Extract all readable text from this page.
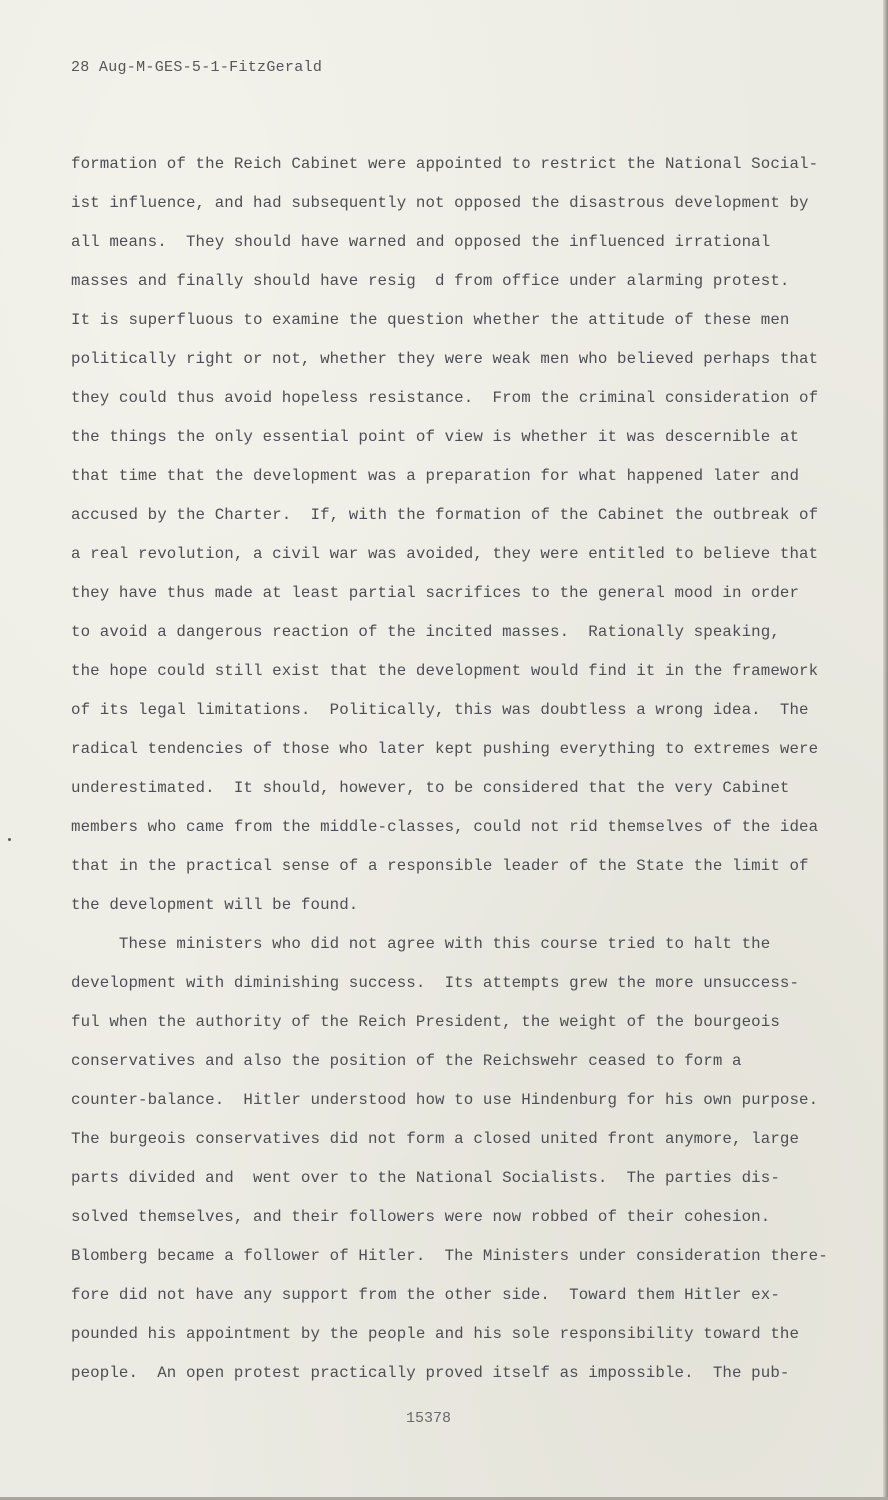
28 Aug-M-GES-5-1-FitzGerald
formation of the Reich Cabinet were appointed to restrict the National Social-
ist influence, and had subsequently not opposed the disastrous development by
all means.  They should have warned and opposed the influenced irrational
masses and finally should have resig  d from office under alarming protest.
It is superfluous to examine the question whether the attitude of these men
politically right or not, whether they were weak men who believed perhaps that
they could thus avoid hopeless resistance.  From the criminal consideration of
the things the only essential point of view is whether it was descernible at
that time that the development was a preparation for what happened later and
accused by the Charter.  If, with the formation of the Cabinet the outbreak of
a real revolution, a civil war was avoided, they were entitled to believe that
they have thus made at least partial sacrifices to the general mood in order
to avoid a dangerous reaction of the incited masses.  Rationally speaking,
the hope could still exist that the development would find it in the framework
of its legal limitations.  Politically, this was doubtless a wrong idea.  The
radical tendencies of those who later kept pushing everything to extremes were
underestimated.  It should, however, to be considered that the very Cabinet
members who came from the middle-classes, could not rid themselves of the idea
that in the practical sense of a responsible leader of the State the limit of
the development will be found.
These ministers who did not agree with this course tried to halt the
development with diminishing success.  Its attempts grew the more unsuccess-
ful when the authority of the Reich President, the weight of the bourgeois
conservatives and also the position of the Reichswehr ceased to form a
counter-balance.  Hitler understood how to use Hindenburg for his own purpose.
The burgeois conservatives did not form a closed united front anymore, large
parts divided and  went over to the National Socialists.  The parties dis-
solved themselves, and their followers were now robbed of their cohesion.
Blomberg became a follower of Hitler.  The Ministers under consideration there-
fore did not have any support from the other side.  Toward them Hitler ex-
pounded his appointment by the people and his sole responsibility toward the
people.  An open protest practically proved itself as impossible.  The pub-
15378
